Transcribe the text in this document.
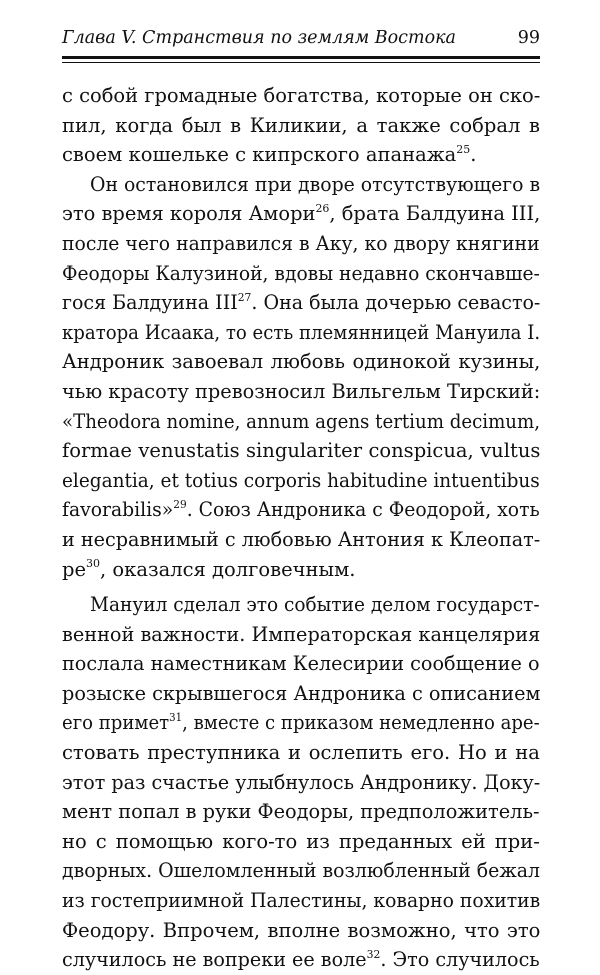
Глава V. Странствия по землям Востока	99
с собой громадные богатства, которые он ско-
пил, когда был в Киликии, а также собрал в
своем кошельке с кипрского апанажа$^{25}$.
Он остановился при дворе отсутствующего в
это время короля Амори$^{26}$, брата Балдуина III,
после чего направился в Аку, ко двору княгини
Феодоры Калузиной, вдовы недавно скончавше-
гося Балдуина III$^{27}$. Она была дочерью севасто-
кратора Исаака, то есть племянницей Мануила I.
Андроник завоевал любовь одинокой кузины,
чью красоту превозносил Вильгельм Тирский:
«Theodora nomine, annum agens tertium decimum,
formae venustatis singulariter conspicua, vultus
elegantia, et totius corporis habitudine intuentibus
favorabilis»$^{29}$. Союз Андроника с Феодорой, хоть
и несравнимый с любовью Антония к Клеопат-
$ре^{30}$, оказался долговечным.
Мануил сделал это событие делом государст-
венной важности. Императорская канцелярия
послала наместникам Келесирии сообщение о
розыске скрывшегося Андроника с описанием
его примет$^{31}$, вместе с приказом немедленно аре-
стовать преступника и ослепить его. Но и на
этот раз счастье улыбнулось Андронику. Доку-
мент попал в руки Феодоры, предположитель-
но с помощью кого-то из преданных ей при-
дворных. Ошеломленный возлюбленный бежал
из гостеприимной Палестины, коварно похитив
Феодору. Впрочем, вполне возможно, что это
случилось не вопреки ее воле$^{32}$. Это случилось
